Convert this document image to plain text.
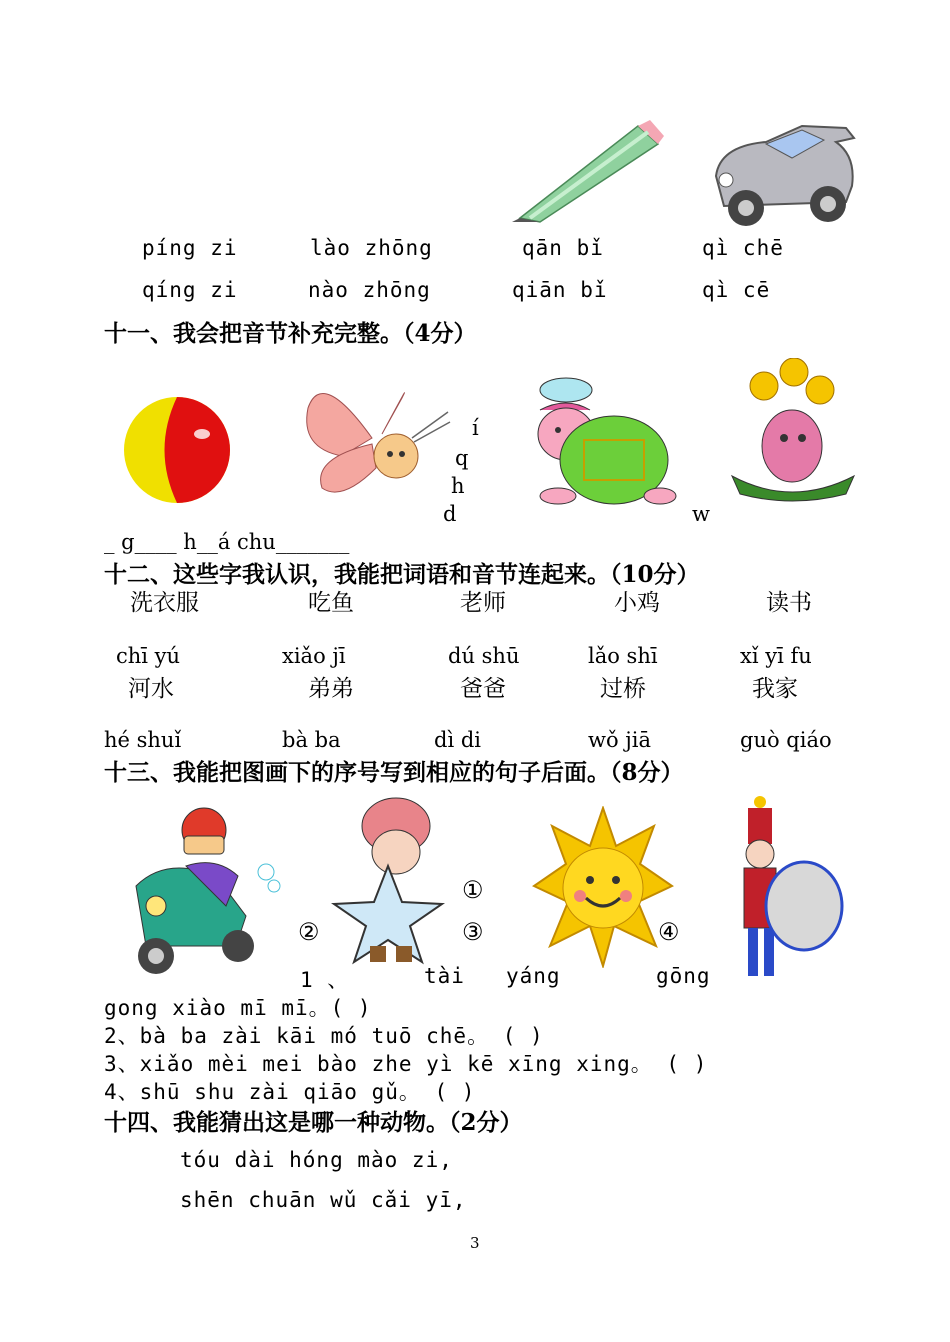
píng zi	lào zhōng	qān bǐ	qì chē
qíng zi	nào zhōng	qiān bǐ	qì cē
十一、我会把音节补充完整。（4分）
í
q
h
d	w
_ g____ h__á chu_______
十二、这些字我认识，我能把词语和音节连起来。（10分）
洗衣服	吃鱼	老师	小鸡	读书
chī yú	xiǎo jī	dú shū	lǎo shī	xǐ yī fu
河水	弟弟	爸爸	过桥	我家
hé shuǐ	bà ba	dì di	wǒ jiā	guò qiáo
十三、我能把图画下的序号写到相应的句子后面。（8分）
②
①
③	④
1 、	tài yáng	gōng
gong xiào mī mī。( )
2、bà ba zài kāi mó tuō chē。 ( )
3、xiǎo mèi mei bào zhe yì kē xīng xing。 ( )
4、shū shu zài qiāo gǔ。 ( )
十四、我能猜出这是哪一种动物。（2分）
tóu dài hóng mào zi,
shēn chuān wǔ cǎi yī,
3
